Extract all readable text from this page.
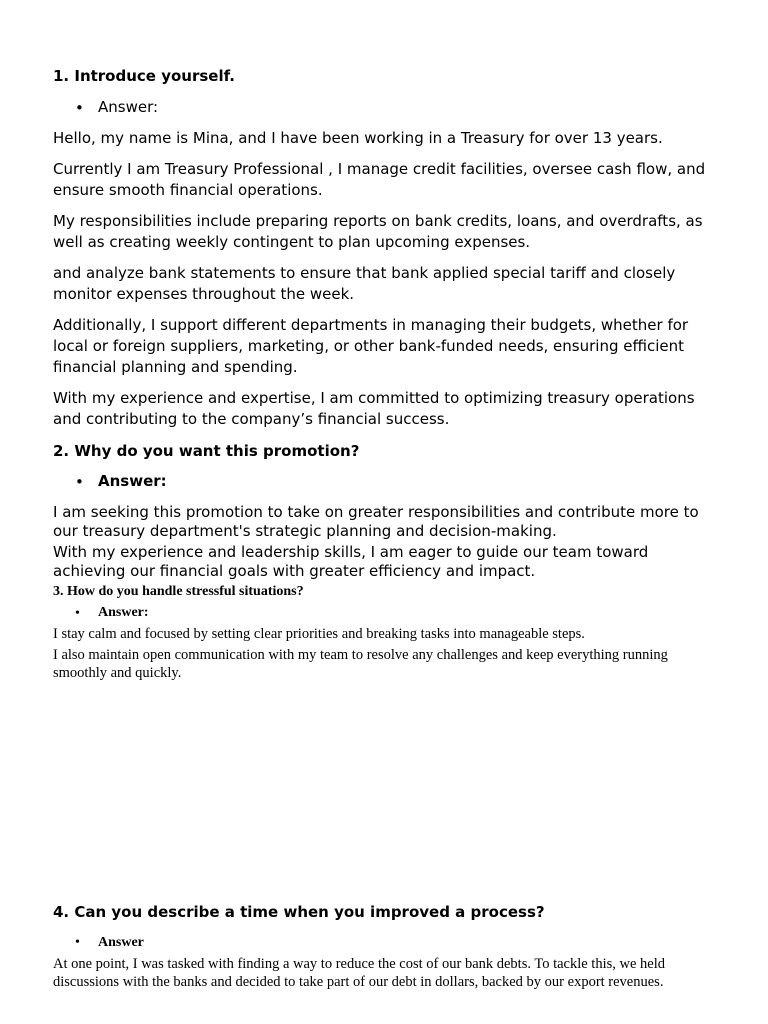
1. Introduce yourself.
• Answer:
Hello, my name is Mina, and I have been working in a Treasury for over 13 years.
Currently I am Treasury Professional , I manage credit facilities, oversee cash flow, and ensure smooth financial operations.
My responsibilities include preparing reports on bank credits, loans, and overdrafts, as well as creating weekly contingent to plan upcoming expenses.
and analyze bank statements to ensure that bank applied special tariff and closely monitor expenses throughout the week.
Additionally, I support different departments in managing their budgets, whether for local or foreign suppliers, marketing, or other bank-funded needs, ensuring efficient financial planning and spending.
With my experience and expertise, I am committed to optimizing treasury operations and contributing to the company’s financial success.
2. Why do you want this promotion?
• Answer:
I am seeking this promotion to take on greater responsibilities and contribute more to our treasury department's strategic planning and decision-making.
With my experience and leadership skills, I am eager to guide our team toward achieving our financial goals with greater efficiency and impact.
3. How do you handle stressful situations?
• Answer:
I stay calm and focused by setting clear priorities and breaking tasks into manageable steps.
I also maintain open communication with my team to resolve any challenges and keep everything running smoothly and quickly.
4. Can you describe a time when you improved a process?
• Answer
At one point, I was tasked with finding a way to reduce the cost of our bank debts. To tackle this, we held discussions with the banks and decided to take part of our debt in dollars, backed by our export revenues.
